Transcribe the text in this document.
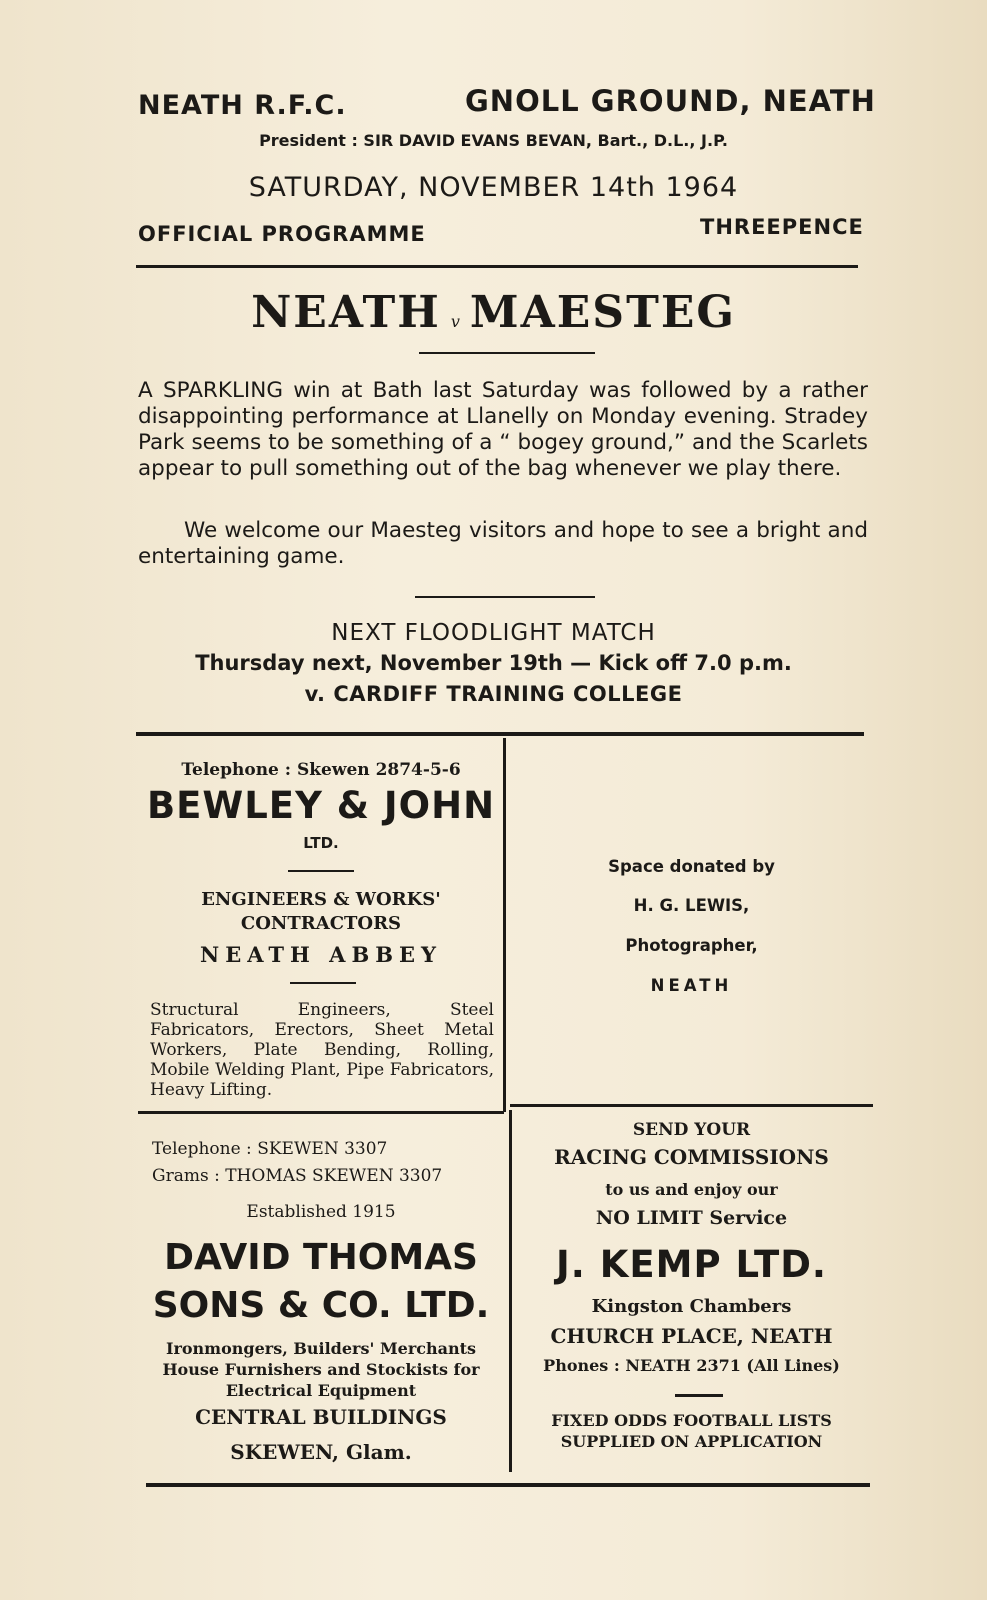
NEATH R.F.C.	GNOLL GROUND, NEATH
President : SIR DAVID EVANS BEVAN, Bart., D.L., J.P.
SATURDAY, NOVEMBER 14th 1964
OFFICIAL PROGRAMME	THREEPENCE
NEATH v MAESTEG
A SPARKLING win at Bath last Saturday was followed by a rather disappointing performance at Llanelly on Monday evening. Stradey Park seems to be something of a “ bogey ground,” and the Scarlets appear to pull something out of the bag whenever we play there.
We welcome our Maesteg visitors and hope to see a bright and entertaining game.
NEXT FLOODLIGHT MATCH
Thursday next, November 19th — Kick off 7.0 p.m.
v. CARDIFF TRAINING COLLEGE
Telephone : Skewen 2874-5-6
BEWLEY & JOHN
LTD.
ENGINEERS & WORKS'
CONTRACTORS
NEATH ABBEY
Structural Engineers, Steel Fabricators, Erectors, Sheet Metal Workers, Plate Bending, Rolling, Mobile Welding Plant, Pipe Fabricators, Heavy Lifting.
Space donated by
H. G. LEWIS,
Photographer,
NEATH
Telephone : SKEWEN 3307
Grams : THOMAS SKEWEN 3307
Established 1915
DAVID THOMAS
SONS & CO. LTD.
Ironmongers, Builders' Merchants House Furnishers and Stockists for Electrical Equipment
CENTRAL BUILDINGS
SKEWEN, Glam.
SEND YOUR
RACING COMMISSIONS
to us and enjoy our
NO LIMIT Service
J. KEMP LTD.
Kingston Chambers
CHURCH PLACE, NEATH
Phones : NEATH 2371 (All Lines)
FIXED ODDS FOOTBALL LISTS SUPPLIED ON APPLICATION
